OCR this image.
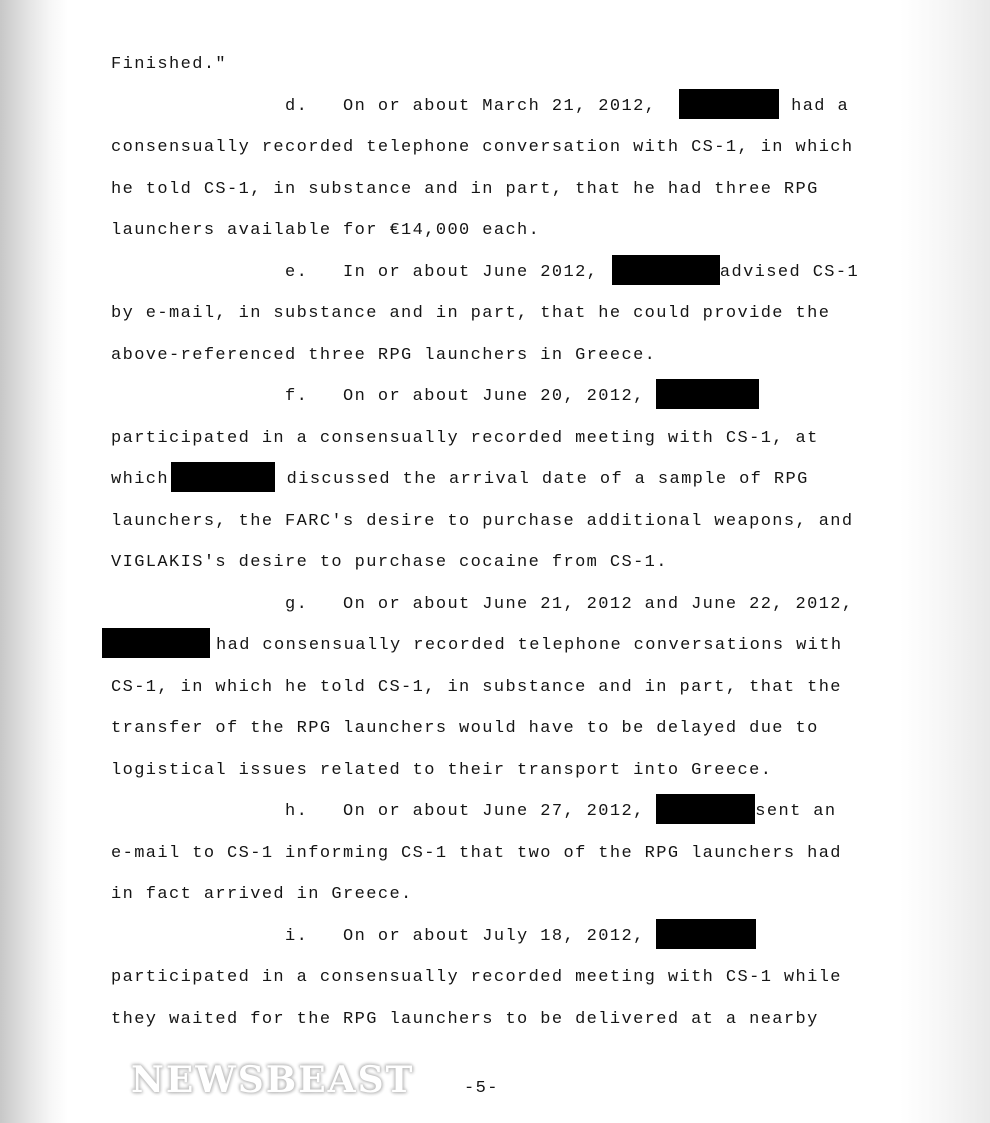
Finished."
d.   On or about March 21, 2012,	had a
consensually recorded telephone conversation with CS-1, in which
he told CS-1, in substance and in part, that he had three RPG
launchers available for €14,000 each.
e.   In or about June 2012,	advised CS-1
by e-mail, in substance and in part, that he could provide the
above-referenced three RPG launchers in Greece.
f.   On or about June 20, 2012,
participated in a consensually recorded meeting with CS-1, at
which	discussed the arrival date of a sample of RPG
launchers, the FARC's desire to purchase additional weapons, and
VIGLAKIS's desire to purchase cocaine from CS-1.
g.   On or about June 21, 2012 and June 22, 2012,
had consensually recorded telephone conversations with
CS-1, in which he told CS-1, in substance and in part, that the
transfer of the RPG launchers would have to be delayed due to
logistical issues related to their transport into Greece.
h.   On or about June 27, 2012,	sent an
e-mail to CS-1 informing CS-1 that two of the RPG launchers had
in fact arrived in Greece.
i.   On or about July 18, 2012,
participated in a consensually recorded meeting with CS-1 while
they waited for the RPG launchers to be delivered at a nearby
NEWSBEAST	-5-
